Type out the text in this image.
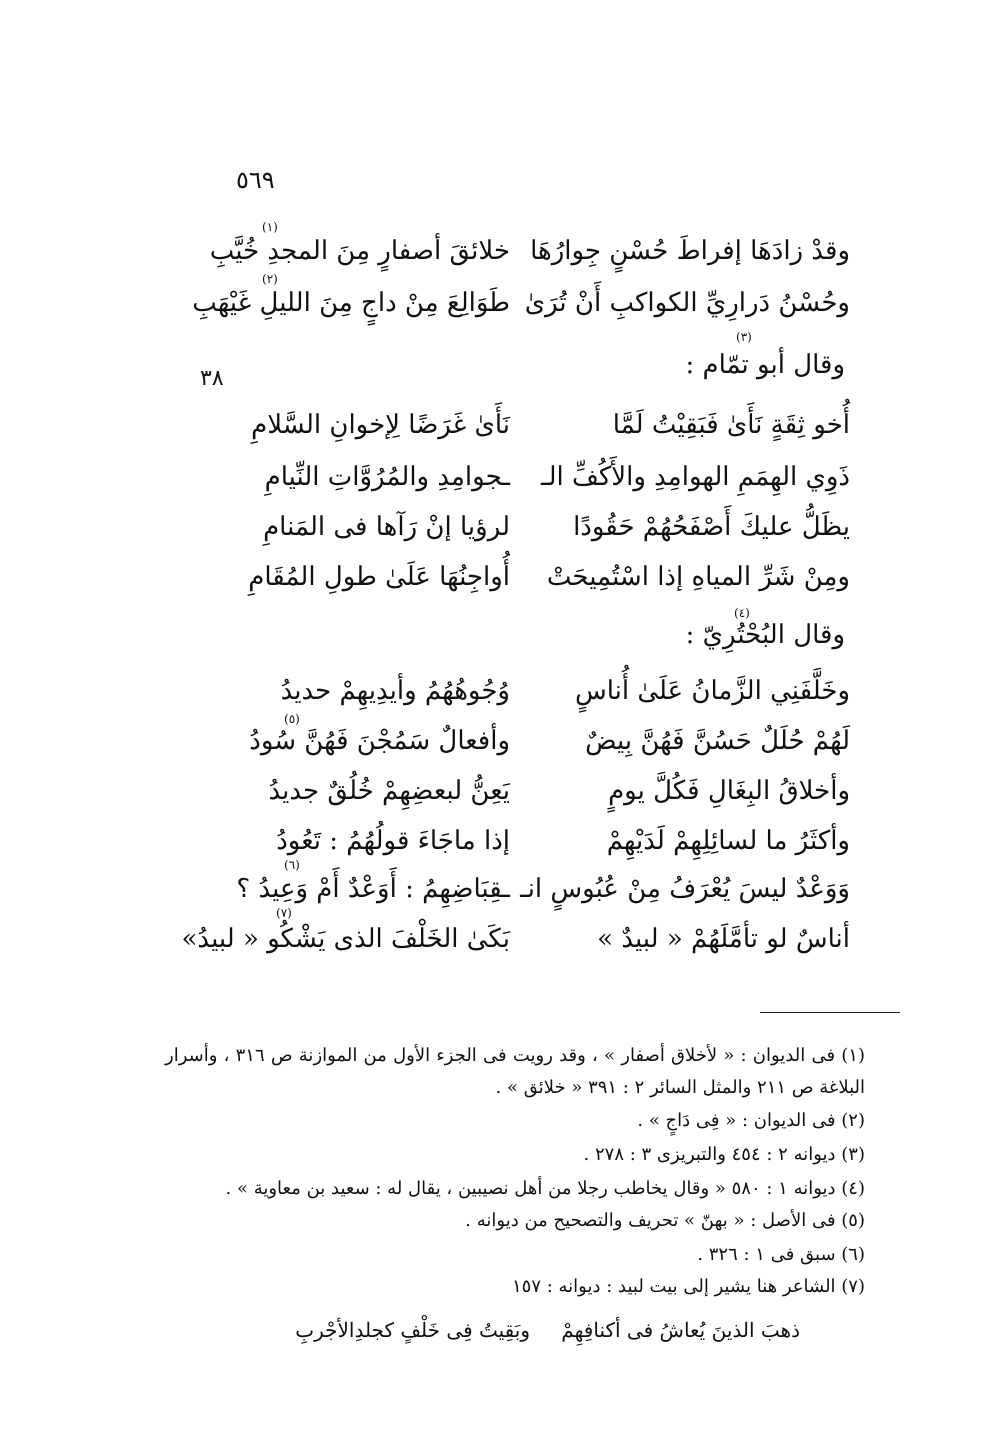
٥٦٩
٣٨
(١)
(٢)
(٣)
(٤)
(٥)
(٦)
(٧)
وقدْ زادَهَا إفراطَ حُسْنٍ جِوارُهَا
خلائقَ أصفارٍ مِنَ المجدِ خُيَّبِ
وحُسْنُ دَرارِيِّ الكواكبِ أَنْ تُرَىٰ
طَوَالِعَ مِنْ داجٍ مِنَ الليلِ غَيْهَبِ
وقال أبو تمّام :
أُخو ثِقَةٍ نَأَىٰ فَبَقِيْتُ لَمَّا
نَأَىٰ غَرَضًا لِإخوانِ السَّلامِ
ذَوِي الهِمَمِ الهوامِدِ والأَكُفِّ الـ
ـجوامِدِ والمُرُوَّاتِ النِّيامِ
يظَلُّ عليكَ أَصْفَحُهُمْ حَقُودًا
لرؤيا إنْ رَآها فى المَنامِ
ومِنْ شَرِّ المياهِ إذا اسْتُمِيحَتْ
أُواجِنُهَا عَلَىٰ طولِ المُقَامِ
وقال البُحْتُرِيّ :
وخَلَّفَنِي الزَّمانُ عَلَىٰ أُناسٍ
وُجُوهُهُمُ وأيدِيهِمْ حديدُ
لَهُمْ حُلَلٌ حَسُنَّ فَهُنَّ بِيضٌ
وأفعالٌ سَمُجْنَ فَهُنَّ سُودُ
وأخلاقُ البِغَالِ فَكُلَّ يومٍ
يَعِنُّ لبعضِهِمْ خُلُقٌ جديدُ
وأكثَرُ ما لسائِلِهِمْ لَدَيْهِمْ
إذا ماجَاءَ قولُهُمُ : تَعُودُ
وَوَعْدٌ ليسَ يُعْرَفُ مِنْ عُبُوسٍ انـ
ـقِبَاضِهِمُ : أَوَعْدٌ أَمْ وَعِيدُ ؟
أناسٌ لو تأمَّلَهُمْ « لبيدٌ »
بَكَىٰ الخَلْفَ الذى يَشْكُو « لبيدُ»
(١) فى الديوان : « لأخلاق أصفار » ، وقد رويت فى الجزء الأول من الموازنة ص ٣١٦ ، وأسرار البلاغة ص ٢١١ والمثل السائر ٢ : ٣٩١ « خلائق » .
(٢) فى الديوان : « فِى دَاجٍ » .
(٣) ديوانه ٢ : ٤٥٤ والتبريزى ٣ : ٢٧٨ .
(٤) ديوانه ١ : ٥٨٠ « وقال يخاطب رجلا من أهل نصيبين ، يقال له : سعيد بن معاوية » .
(٥) فى الأصل : « بهنّ » تحريف والتصحيح من ديوانه .
(٦) سبق فى ١ : ٣٢٦ .
(٧) الشاعر هنا يشير إلى بيت لبيد : ديوانه : ١٥٧
ذهبَ الذينَ يُعاشُ فى أكنافِهِمْ
وبَقِيتُ فِى خَلْفٍ كجلدِالأجْربِ
